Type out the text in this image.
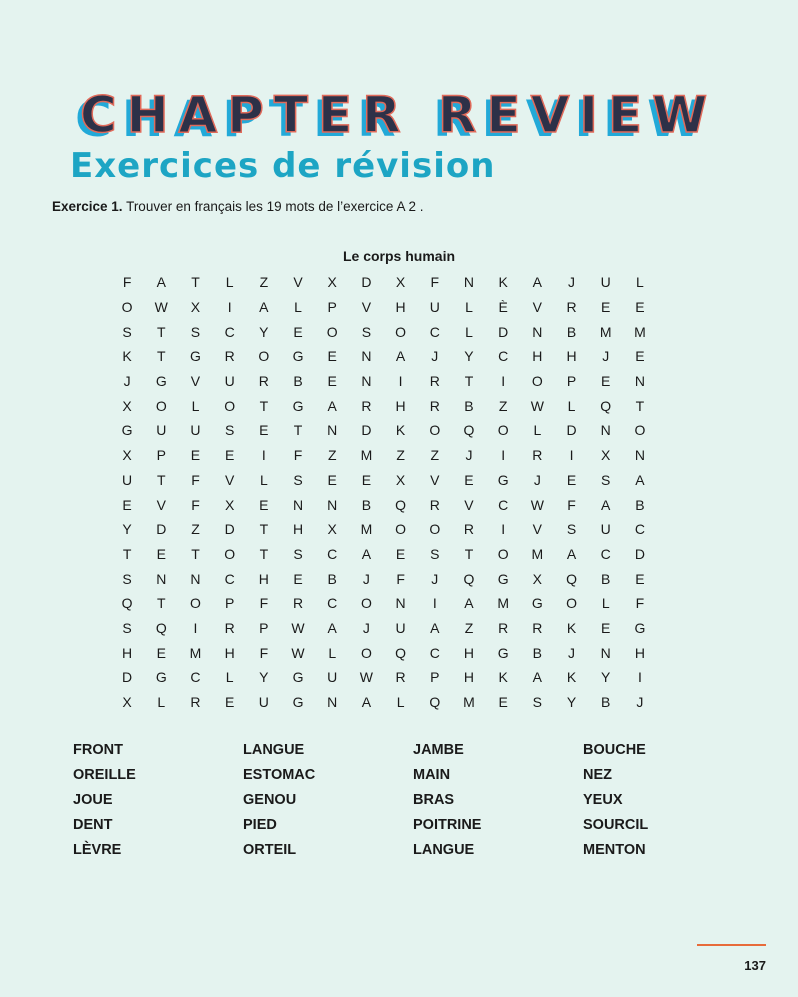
CHAPTER REVIEW
Exercices de révision
Exercice 1. Trouver en français les 19 mots de l’exercice A 2 .
Le corps humain
F	A	T	L	Z	V	X	D	X	F	N	K	A	J	U	L
O	W	X	I	A	L	P	V	H	U	L	È	V	R	E	E
S	T	S	C	Y	E	O	S	O	C	L	D	N	B	M	M
K	T	G	R	O	G	E	N	A	J	Y	C	H	H	J	E
J	G	V	U	R	B	E	N	I	R	T	I	O	P	E	N
X	O	L	O	T	G	A	R	H	R	B	Z	W	L	Q	T
G	U	U	S	E	T	N	D	K	O	Q	O	L	D	N	O
X	P	E	E	I	F	Z	M	Z	Z	J	I	R	I	X	N
U	T	F	V	L	S	E	E	X	V	E	G	J	E	S	A
E	V	F	X	E	N	N	B	Q	R	V	C	W	F	A	B
Y	D	Z	D	T	H	X	M	O	O	R	I	V	S	U	C
T	E	T	O	T	S	C	A	E	S	T	O	M	A	C	D
S	N	N	C	H	E	B	J	F	J	Q	G	X	Q	B	E
Q	T	O	P	F	R	C	O	N	I	A	M	G	O	L	F
S	Q	I	R	P	W	A	J	U	A	Z	R	R	K	E	G
H	E	M	H	F	W	L	O	Q	C	H	G	B	J	N	H
D	G	C	L	Y	G	U	W	R	P	H	K	A	K	Y	I
X	L	R	E	U	G	N	A	L	Q	M	E	S	Y	B	J
FRONT	LANGUE	JAMBE	BOUCHE
OREILLE	ESTOMAC	MAIN	NEZ
JOUE	GENOU	BRAS	YEUX
DENT	PIED	POITRINE	SOURCIL
LÈVRE	ORTEIL	LANGUE	MENTON
137
